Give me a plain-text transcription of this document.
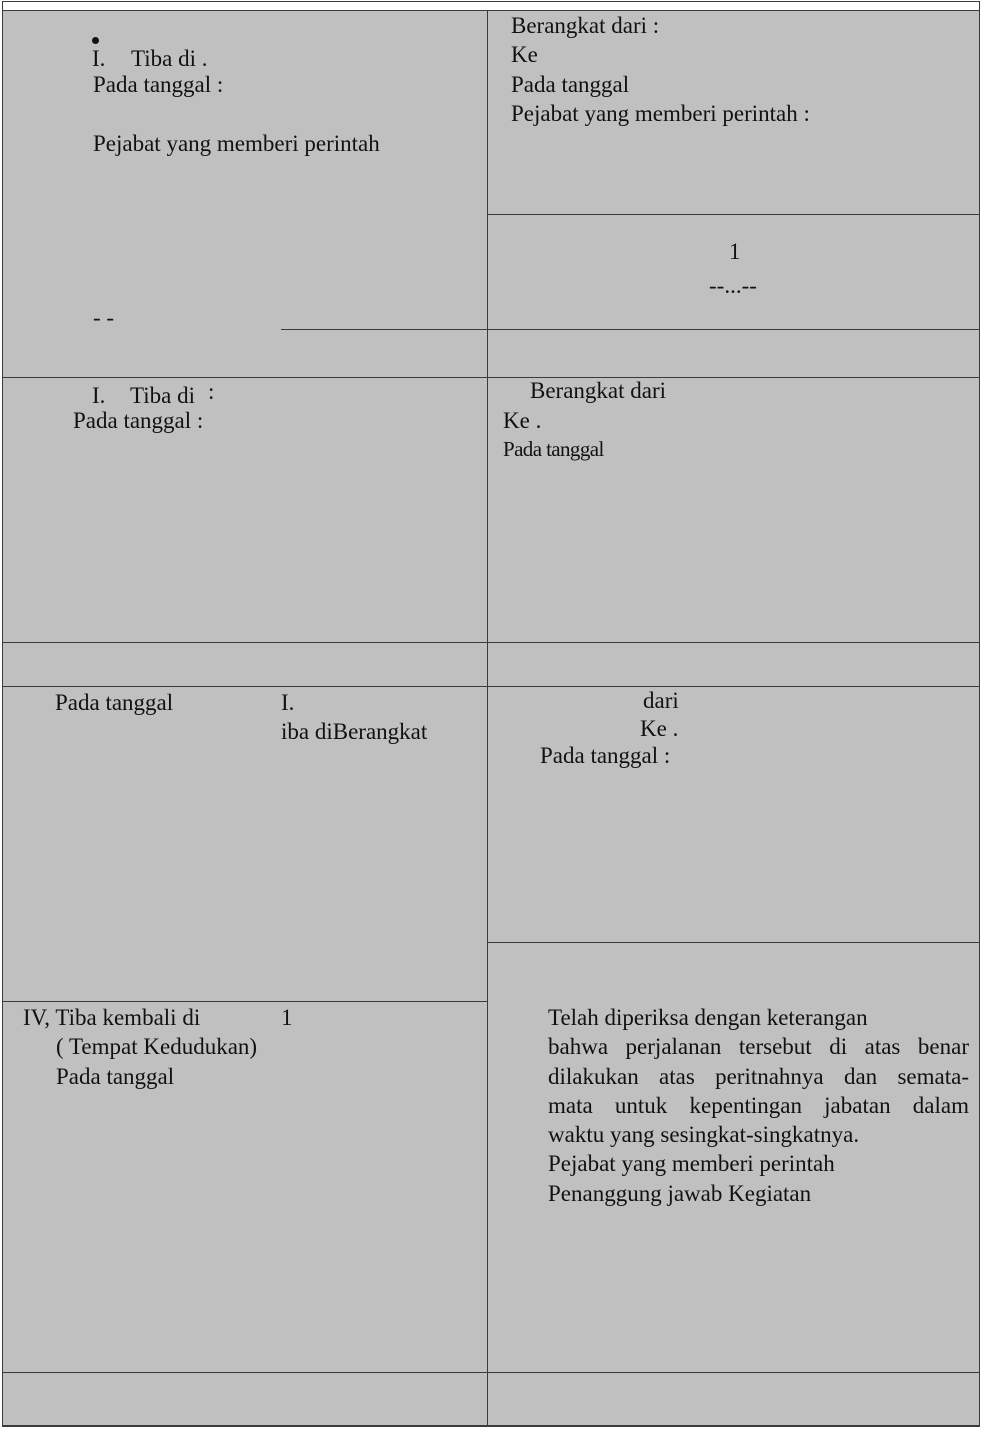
I. Tiba di .
Pada tanggal :
Pejabat yang memberi perintah
- -
Berangkat dari :
Ke
Pada tanggal
Pejabat yang memberi perintah :
1
--...--
I. Tiba di :
Pada tanggal :
Berangkat dari
Ke .
Pada tanggal
Pada tanggal	I.
iba diBerangkat
dari
Ke .
Pada tanggal :
IV, Tiba kembali di	1
( Tempat Kedudukan)
Pada tanggal
Telah diperiksa dengan keterangan
bahwa perjalanan tersebut di atas benar
dilakukan atas peritnahnya dan semata-
mata untuk kepentingan jabatan dalam
waktu yang sesingkat-singkatnya.
Pejabat yang memberi perintah
Penanggung jawab Kegiatan
